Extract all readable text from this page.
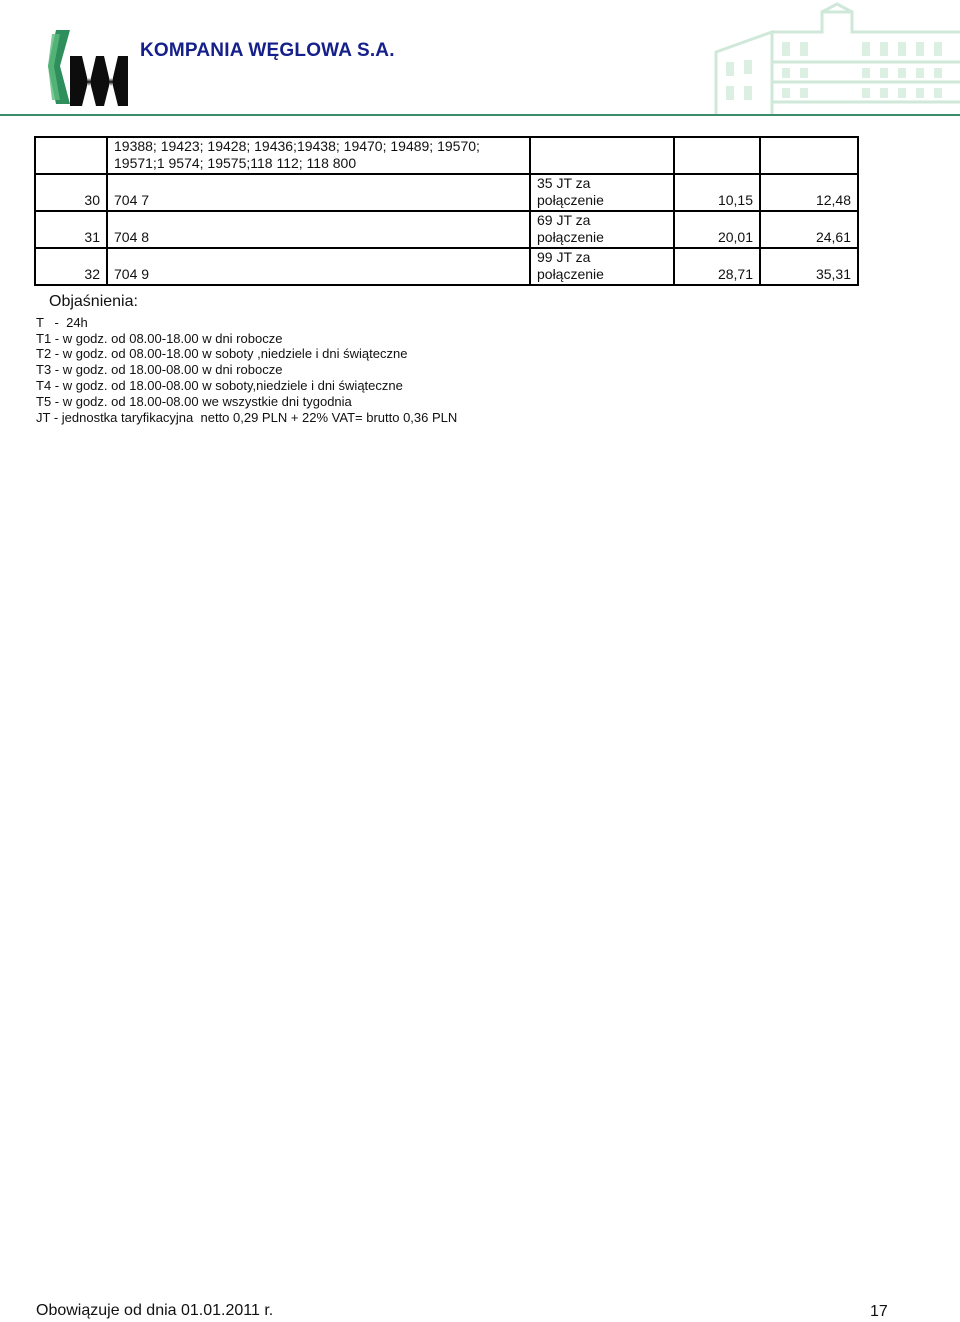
KOMPANIA WĘGLOWA S.A.
	19388; 19423; 19428; 19436;19438; 19470; 19489; 19570;
19571;1 9574; 19575;118 112; 118 800			
30	704 7	35 JT za
połączenie	10,15	12,48
31	704 8	69 JT za
połączenie	20,01	24,61
32	704 9	99 JT za
połączenie	28,71	35,31
Objaśnienia:
T   -  24h
T1 - w godz. od 08.00-18.00 w dni robocze
T2 - w godz. od 08.00-18.00 w soboty ,niedziele i dni świąteczne
T3 - w godz. od 18.00-08.00 w dni robocze
T4 - w godz. od 18.00-08.00 w soboty,niedziele i dni świąteczne
T5 - w godz. od 18.00-08.00 we wszystkie dni tygodnia
JT - jednostka taryfikacyjna  netto 0,29 PLN + 22% VAT= brutto 0,36 PLN
Obowiązuje od dnia 01.01.2011 r.	17
